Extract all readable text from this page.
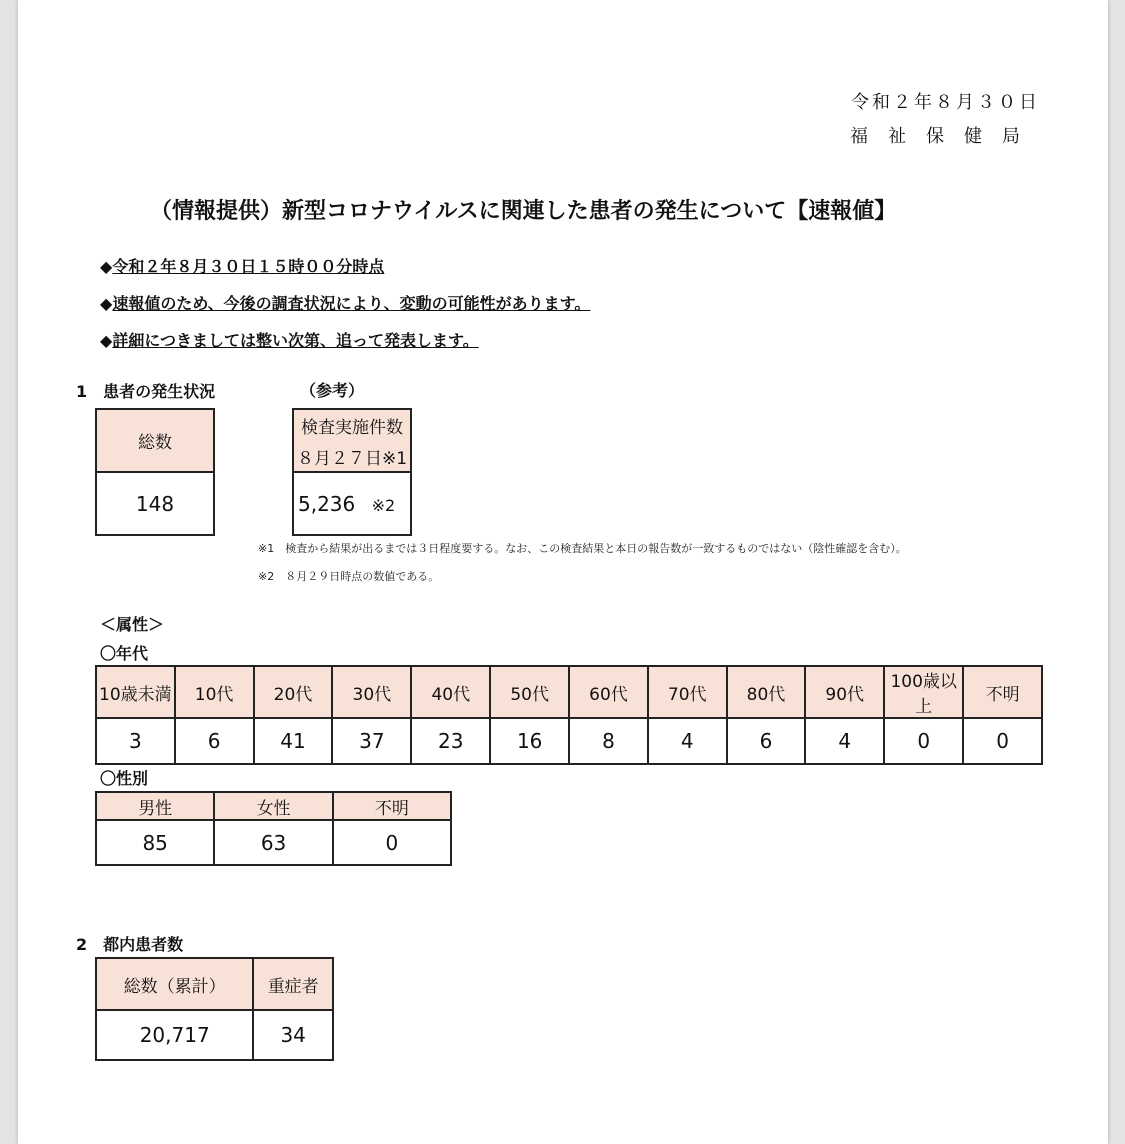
令和２年８月３０日
福祉保健局
（情報提供）新型コロナウイルスに関連した患者の発生について【速報値】
◆令和２年８月３０日１５時００分時点
◆速報値のため、今後の調査状況により、変動の可能性があります。
◆詳細につきましては整い次第、追って発表します。
1　患者の発生状況	（参考）
総数
148
検査実施件数
８月２７日※1

5,236 ※2
※1　検査から結果が出るまでは３日程度要する。なお、この検査結果と本日の報告数が一致するものではない（陰性確認を含む）。
※2　８月２９日時点の数値である。
＜属性＞
〇年代
10歳未満	10代	20代	30代	40代	50代	60代	70代	80代	90代	100歳以上	不明
3	6	41	37	23	16	8	4	6	4	0	0
〇性別
男性	女性	不明
85	63	0
2　都内患者数
総数（累計）	重症者
20,717	34
